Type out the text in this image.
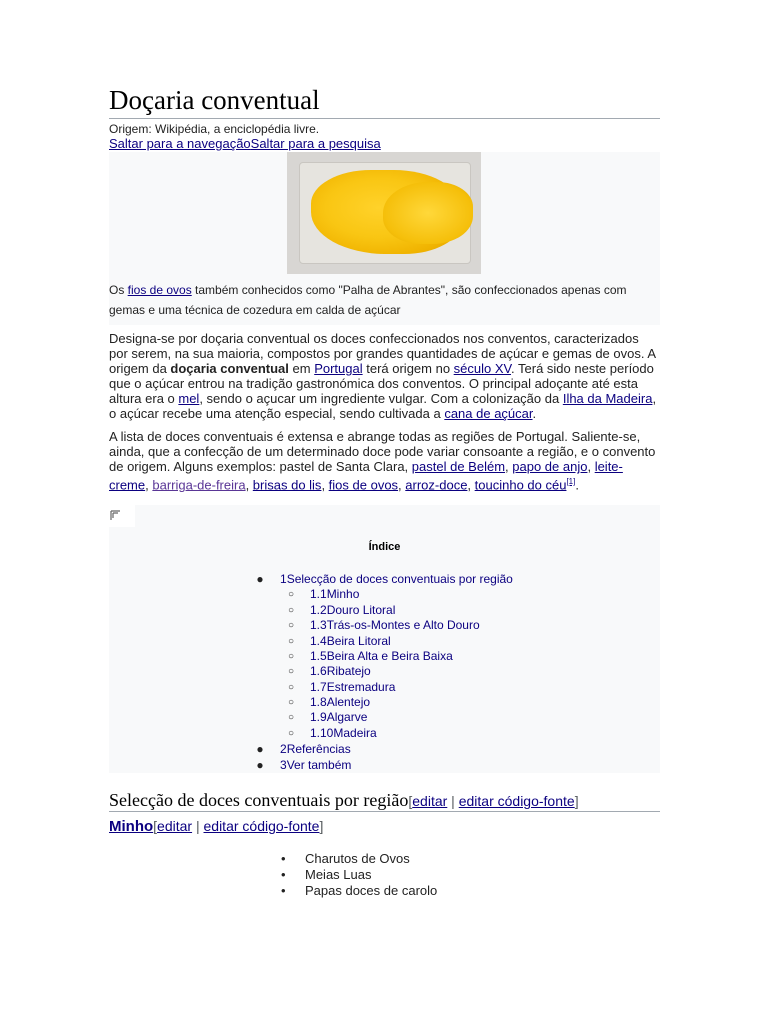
Doçaria conventual
Origem: Wikipédia, a enciclopédia livre.
Saltar para a navegaçãoSaltar para a pesquisa
Os fios de ovos também conhecidos como "Palha de Abrantes", são confeccionados apenas com gemas e uma técnica de cozedura em calda de açúcar

Designa-se por doçaria conventual os doces confeccionados nos conventos, caracterizados por serem, na sua maioria, compostos por grandes quantidades de açúcar e gemas de ovos. A origem da doçaria conventual em Portugal terá origem no século XV. Terá sido neste período que o açúcar entrou na tradição gastronómica dos conventos. O principal adoçante até esta altura era o mel, sendo o açucar um ingrediente vulgar. Com a colonização da Ilha da Madeira, o açúcar recebe uma atenção especial, sendo cultivada a cana de açúcar.

A lista de doces conventuais é extensa e abrange todas as regiões de Portugal. Saliente-se, ainda, que a confecção de um determinado doce pode variar consoante a região, e o convento de origem. Alguns exemplos: pastel de Santa Clara, pastel de Belém, papo de anjo, leite-creme, barriga-de-freira, brisas do lis, fios de ovos, arroz-doce, toucinho do céu[1].

Índice
● 1Selecção de doces conventuais por região
○ 1.1Minho
○ 1.2Douro Litoral
○ 1.3Trás-os-Montes e Alto Douro
○ 1.4Beira Litoral
○ 1.5Beira Alta e Beira Baixa
○ 1.6Ribatejo
○ 1.7Estremadura
○ 1.8Alentejo
○ 1.9Algarve
○ 1.10Madeira
● 2Referências
● 3Ver também
Selecção de doces conventuais por região[editar | editar código-fonte]
Minho[editar | editar código-fonte]
• Charutos de Ovos
• Meias Luas
• Papas doces de carolo
